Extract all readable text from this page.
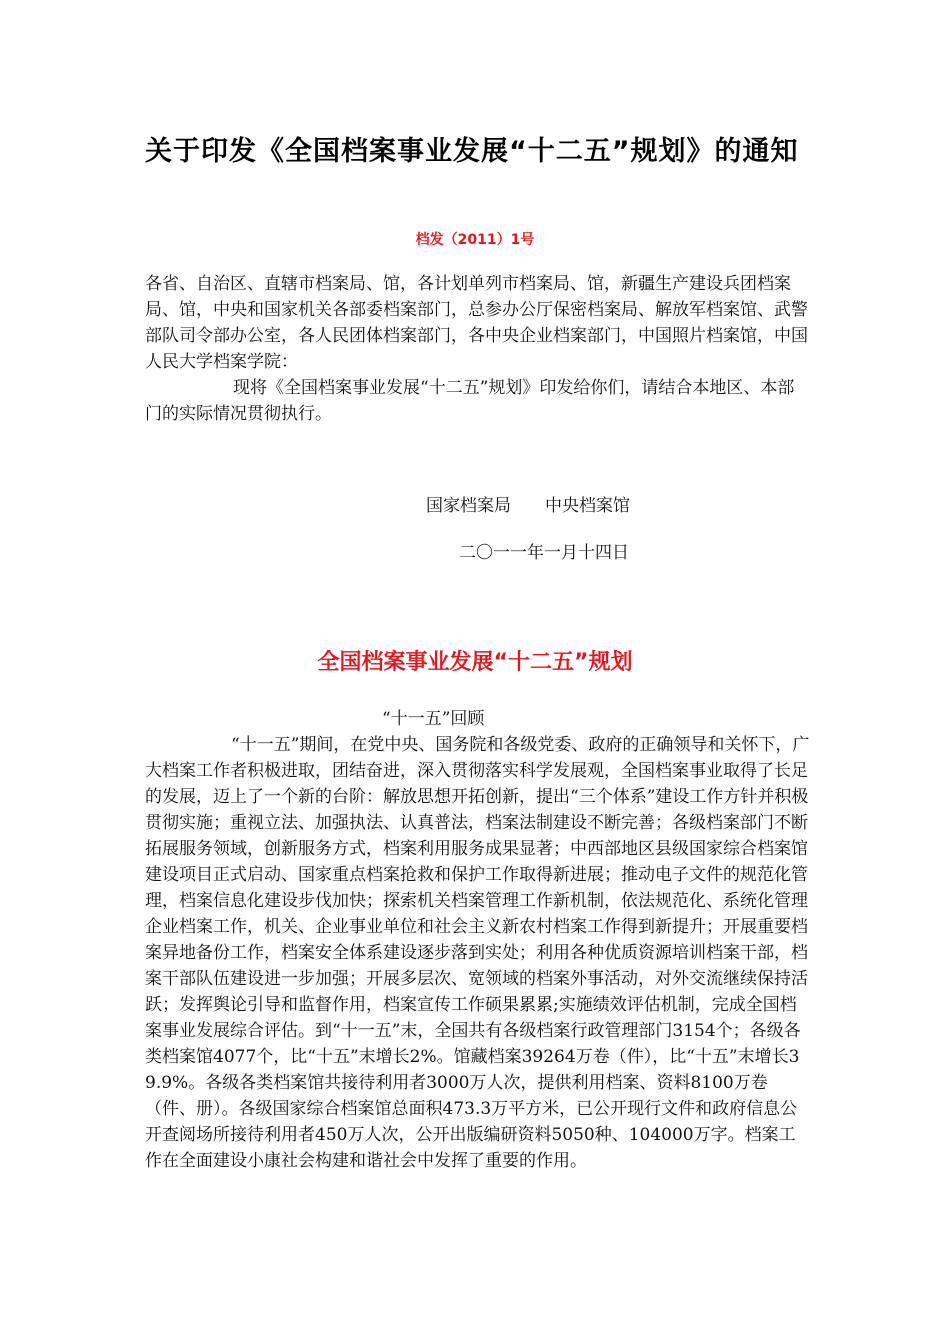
关于印发《全国档案事业发展“十二五”规划》的通知
档发（2011）1号
各省、自治区、直辖市档案局、馆，各计划单列市档案局、馆，新疆生产建设兵团档案局、馆，中央和国家机关各部委档案部门，总参办公厅保密档案局、解放军档案馆、武警部队司令部办公室，各人民团体档案部门，各中央企业档案部门，中国照片档案馆，中国人民大学档案学院：
现将《全国档案事业发展“十二五”规划》印发给你们，请结合本地区、本部门的实际情况贯彻执行。
国家档案局　　中央档案馆
二〇一一年一月十四日
全国档案事业发展“十二五”规划
“十一五”回顾
“十一五”期间，在党中央、国务院和各级党委、政府的正确领导和关怀下，广大档案工作者积极进取，团结奋进，深入贯彻落实科学发展观，全国档案事业取得了长足的发展，迈上了一个新的台阶：解放思想开拓创新，提出“三个体系”建设工作方针并积极贯彻实施；重视立法、加强执法、认真普法，档案法制建设不断完善；各级档案部门不断拓展服务领域，创新服务方式，档案利用服务成果显著；中西部地区县级国家综合档案馆建设项目正式启动、国家重点档案抢救和保护工作取得新进展；推动电子文件的规范化管理，档案信息化建设步伐加快；探索机关档案管理工作新机制，依法规范化、系统化管理企业档案工作，机关、企业事业单位和社会主义新农村档案工作得到新提升；开展重要档案异地备份工作，档案安全体系建设逐步落到实处；利用各种优质资源培训档案干部，档案干部队伍建设进一步加强；开展多层次、宽领域的档案外事活动，对外交流继续保持活跃；发挥舆论引导和监督作用，档案宣传工作硕果累累;实施绩效评估机制，完成全国档案事业发展综合评估。到“十一五”末，全国共有各级档案行政管理部门3154个；各级各类档案馆4077个，比“十五”末增长2%。馆藏档案39264万卷（件），比“十五”末增长39.9%。各级各类档案馆共接待利用者3000万人次，提供利用档案、资料8100万卷（件、册）。各级国家综合档案馆总面积473.3万平方米，已公开现行文件和政府信息公开查阅场所接待利用者450万人次，公开出版编研资料5050种、104000万字。档案工作在全面建设小康社会构建和谐社会中发挥了重要的作用。
